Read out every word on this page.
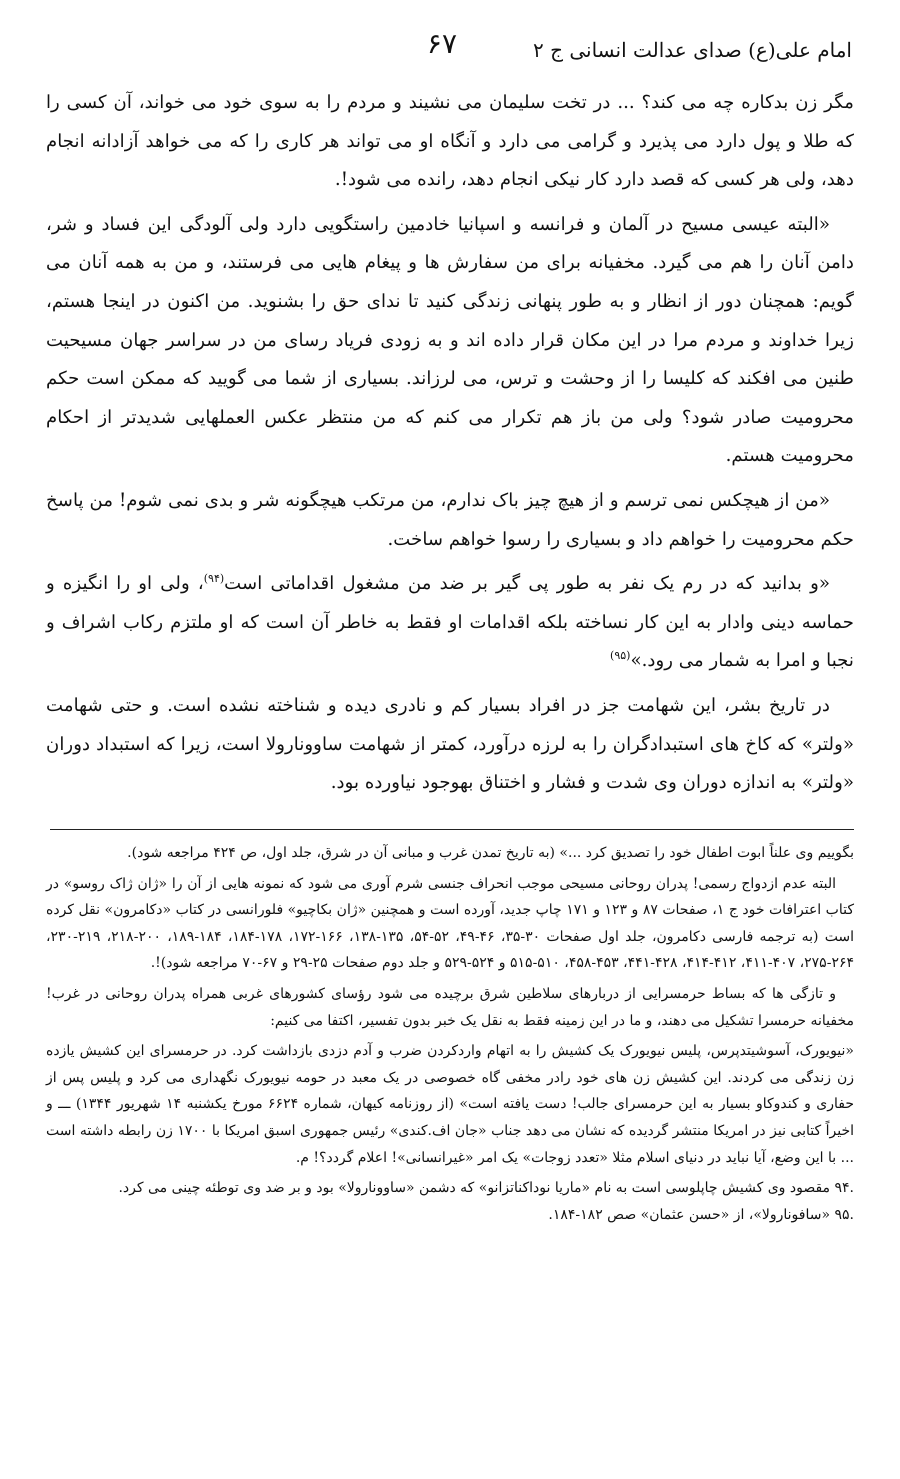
امام علی(ع) صدای عدالت انسانی ج ۲
۶۷

مگر زن بدکاره چه می کند؟ ... در تخت سلیمان می نشیند و مردم را به سوی خود می خواند، آن کسی را که طلا و پول دارد می پذیرد و گرامی می دارد و آنگاه او می تواند هر کاری را که می خواهد آزادانه انجام دهد، ولی هر کسی که قصد دارد کار نیکی انجام دهد، رانده می شود!.

«البته عیسی مسیح در آلمان و فرانسه و اسپانیا خادمین راستگویی دارد ولی آلودگی این فساد و شر، دامن آنان را هم می گیرد. مخفیانه برای من سفارش ها و پیغام هایی می فرستند، و من به همه آنان می گویم: همچنان دور از انظار و به طور پنهانی زندگی کنید تا ندای حق را بشنوید. من اکنون در اینجا هستم، زیرا خداوند و مردم مرا در این مکان قرار داده اند و به زودی فریاد رسای من در سراسر جهان مسیحیت طنین می افکند که کلیسا را از وحشت و ترس، می لرزاند. بسیاری از شما می گویید که ممکن است حکم محرومیت صادر شود؟ ولی من باز هم تکرار می کنم که من منتظر عکس العملهایی شدیدتر از احکام محرومیت هستم.

«من از هیچکس نمی ترسم و از هیچ چیز باک ندارم، من مرتکب هیچگونه شر و بدی نمی شوم! من پاسخ حکم محرومیت را خواهم داد و بسیاری را رسوا خواهم ساخت.

«و بدانید که در رم یک نفر به طور پی گیر بر ضد من مشغول اقداماتی است$^{(۹۴)}$، ولی او را انگیزه و حماسه دینی وادار به این کار نساخته بلکه اقدامات او فقط به خاطر آن است که او ملتزم رکاب اشراف و نجبا و امرا به شمار می رود.»$^{(۹۵)}$

در تاریخ بشر، این شهامت جز در افراد بسیار کم و نادری دیده و شناخته نشده است. و حتی شهامت «ولتر» که کاخ های استبدادگران را به لرزه درآورد، کمتر از شهامت ساوونارولا است، زیرا که استبداد دوران «ولتر» به اندازه دوران وی شدت و فشار و اختناق بهوجود نیاورده بود.

بگوییم وی علناً ابوت اطفال خود را تصدیق کرد ...» (به تاریخ تمدن غرب و مبانی آن در شرق، جلد اول، ص ۴۲۴ مراجعه شود).

البته عدم ازدواج رسمی! پدران روحانی مسیحی موجب انحراف جنسی شرم آوری می شود که نمونه هایی از آن را «ژان ژاک روسو» در کتاب اعترافات خود ج ۱، صفحات ۸۷ و ۱۲۳ و ۱۷۱ چاپ جدید، آورده است و همچنین «ژان بکاچیو» فلورانسی در کتاب «دکامرون» نقل کرده است (به ترجمه فارسی دکامرون، جلد اول صفحات ۳۰-۳۵، ۴۶-۴۹، ۵۲-۵۴، ۱۳۵-۱۳۸، ۱۶۶-۱۷۲، ۱۷۸-۱۸۴، ۱۸۴-۱۸۹، ۲۰۰-۲۱۸، ۲۱۹-۲۳۰، ۲۶۴-۲۷۵، ۴۰۷-۴۱۱، ۴۱۲-۴۱۴، ۴۲۸-۴۴۱، ۴۵۳-۴۵۸، ۵۱۰-۵۱۵ و ۵۲۴-۵۲۹ و جلد دوم صفحات ۲۵-۲۹ و ۶۷-۷۰ مراجعه شود)!.

و تازگی ها که بساط حرمسرایی از دربارهای سلاطین شرق برچیده می شود رؤسای کشورهای غربی همراه پدران روحانی در غرب! مخفیانه حرمسرا تشکیل می دهند، و ما در این زمینه فقط به نقل یک خبر بدون تفسیر، اکتفا می کنیم:

«نیویورک، آسوشیتدپرس، پلیس نیویورک یک کشیش را به اتهام واردکردن ضرب و آدم دزدی بازداشت کرد. در حرمسرای این کشیش یازده زن زندگی می کردند. این کشیش زن های خود رادر مخفی گاه خصوصی در یک معبد در حومه نیویورک نگهداری می کرد و پلیس پس از حفاری و کندوکاو بسیار به این حرمسرای جالب! دست یافته است» (از روزنامه کیهان، شماره ۶۶۲۴ مورخ یکشنبه ۱۴ شهریور ۱۳۴۴) ـــ و اخیراً کتابی نیز در امریکا منتشر گردیده که نشان می دهد جناب «جان اف.کندی» رئیس جمهوری اسبق امریکا با ۱۷۰۰ زن رابطه داشته است ... با این وضع، آیا نباید در دنیای اسلام مثلا «تعدد زوجات» یک امر «غیرانسانی»! اعلام گردد؟! م.

.۹۴ مقصود وی کشیش چاپلوسی است به نام «ماریا نوداکناتزانو» که دشمن «ساوونارولا» بود و بر ضد وی توطئه چینی می کرد.

.۹۵ «سافونارولا»، از «حسن عثمان» صص ۱۸۲-۱۸۴.
